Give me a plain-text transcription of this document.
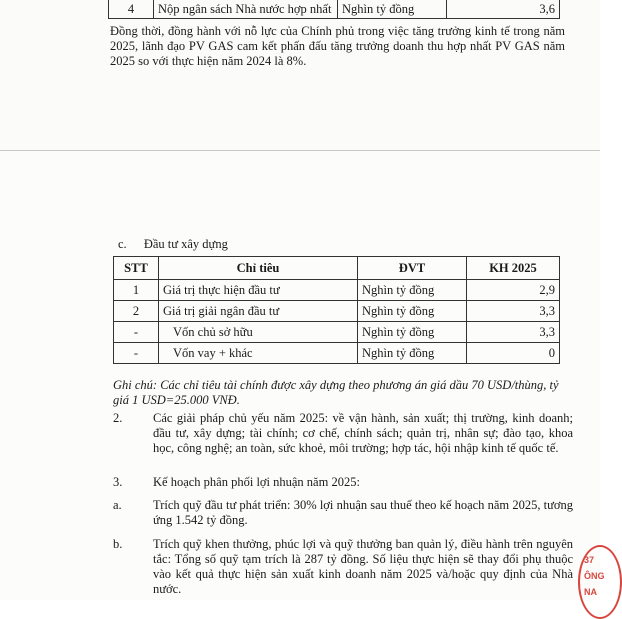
4	Nộp ngân sách Nhà nước hợp nhất	Nghìn tỷ đồng	3,6
Đồng thời, đồng hành với nỗ lực của Chính phủ trong việc tăng trưởng kinh tế trong năm 2025, lãnh đạo PV GAS cam kết phấn đấu tăng trưởng doanh thu hợp nhất PV GAS năm 2025 so với thực hiện năm 2024 là 8%.
c. Đầu tư xây dựng
STT	Chỉ tiêu	ĐVT	KH 2025
1	Giá trị thực hiện đầu tư	Nghìn tỷ đồng	2,9
2	Giá trị giải ngân đầu tư	Nghìn tỷ đồng	3,3
-	Vốn chủ sở hữu	Nghìn tỷ đồng	3,3
-	Vốn vay + khác	Nghìn tỷ đồng	0
Ghi chú: Các chỉ tiêu tài chính được xây dựng theo phương án giá dầu 70 USD/thùng, tỷ giá 1 USD=25.000 VNĐ.
2. Các giải pháp chủ yếu năm 2025: về vận hành, sản xuất; thị trường, kinh doanh; đầu tư, xây dựng; tài chính; cơ chế, chính sách; quản trị, nhân sự; đào tạo, khoa học, công nghệ; an toàn, sức khoẻ, môi trường; hợp tác, hội nhập kinh tế quốc tế.
3. Kế hoạch phân phối lợi nhuận năm 2025:
a.	Trích quỹ đầu tư phát triển: 30% lợi nhuận sau thuế theo kế hoạch năm 2025, tương ứng 1.542 tỷ đồng.
b. Trích quỹ khen thưởng, phúc lợi và quỹ thưởng ban quản lý, điều hành trên nguyên tắc: Tổng số quỹ tạm trích là 287 tỷ đồng. Số liệu thực hiện sẽ thay đổi phụ thuộc vào kết quả thực hiện sản xuất kinh doanh năm 2025 và/hoặc quy định của Nhà nước.
37
ÔNG
NA
